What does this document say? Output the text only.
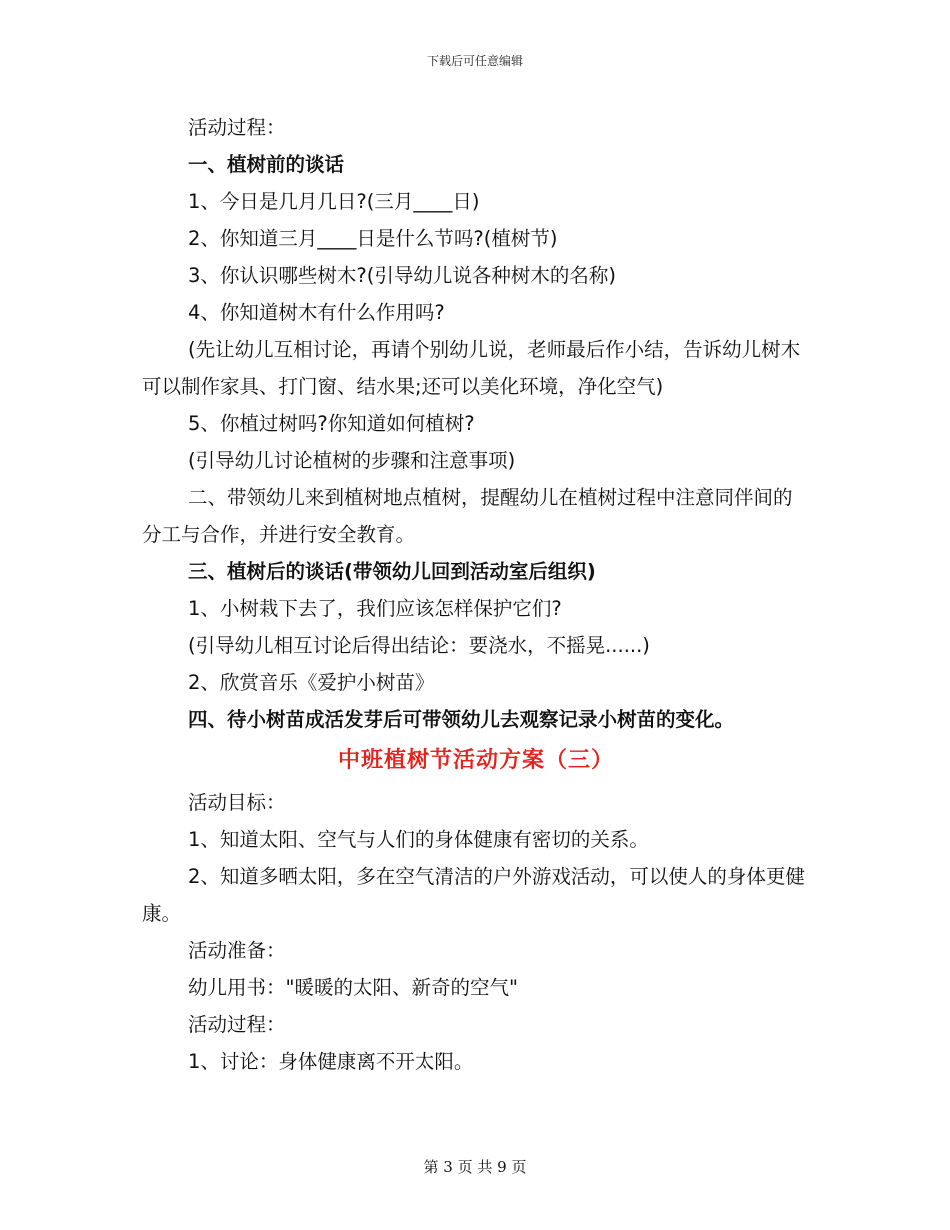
下载后可任意编辑
活动过程：
一、植树前的谈话
1、今日是几月几日?(三月____日)
2、你知道三月____日是什么节吗?(植树节)
3、你认识哪些树木?(引导幼儿说各种树木的名称)
4、你知道树木有什么作用吗?
(先让幼儿互相讨论，再请个别幼儿说，老师最后作小结，告诉幼儿树木可以制作家具、打门窗、结水果;还可以美化环境，净化空气)
5、你植过树吗?你知道如何植树?
(引导幼儿讨论植树的步骤和注意事项)
二、带领幼儿来到植树地点植树，提醒幼儿在植树过程中注意同伴间的分工与合作，并进行安全教育。
三、植树后的谈话(带领幼儿回到活动室后组织)
1、小树栽下去了，我们应该怎样保护它们?
(引导幼儿相互讨论后得出结论：要浇水，不摇晃......)
2、欣赏音乐《爱护小树苗》
四、待小树苗成活发芽后可带领幼儿去观察记录小树苗的变化。
中班植树节活动方案（三）
活动目标：
1、知道太阳、空气与人们的身体健康有密切的关系。
2、知道多晒太阳，多在空气清洁的户外游戏活动，可以使人的身体更健康。
活动准备：
幼儿用书："暖暖的太阳、新奇的空气"
活动过程：
1、讨论：身体健康离不开太阳。
第 3 页 共 9 页
